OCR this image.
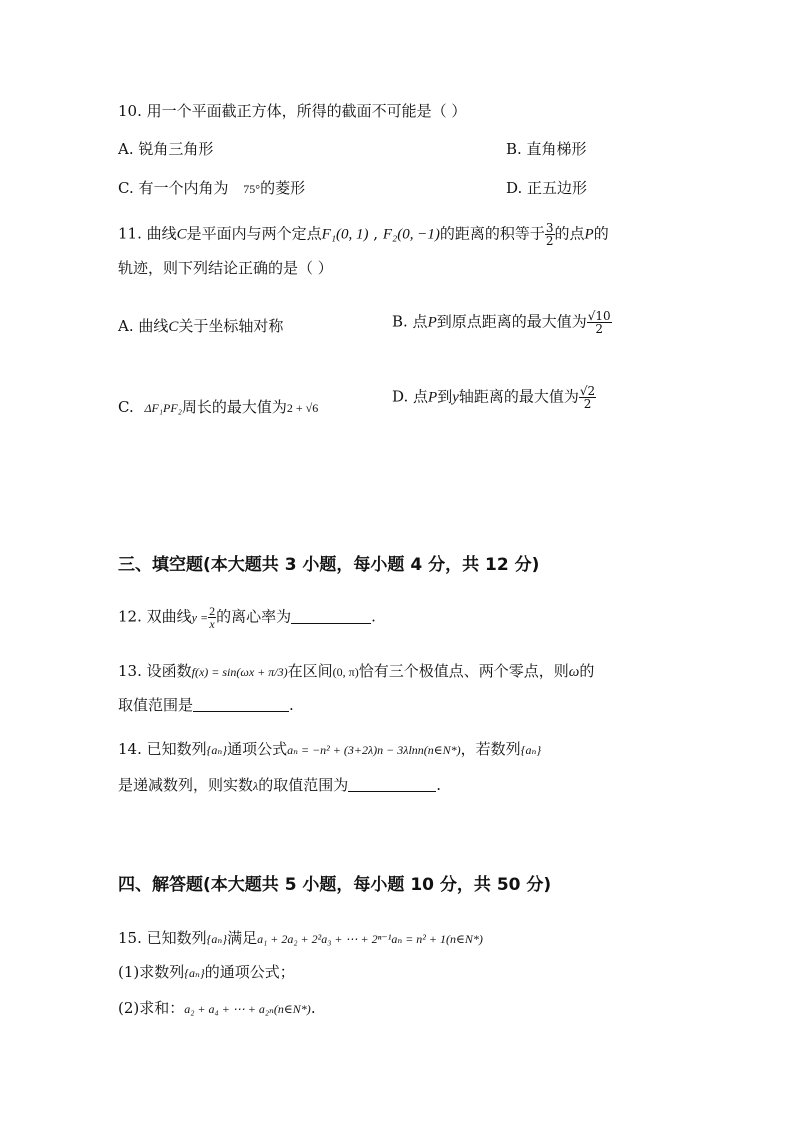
10. 用一个平面截正方体，所得的截面不可能是（ ）
A. 锐角三角形	B. 直角梯形
C. 有一个内角为 75°的菱形	D. 正五边形
11. 曲线C是平面内与两个定点F₁(0, 1) , F₂(0, −1)的距离的积等于 $\frac{3}{2}$ 的点P的
轨迹，则下列结论正确的是（ ）
A. 曲线C关于坐标轴对称	B. 点P到原点距离的最大值为 $\frac{√10}{2}$
C. ΔF₁PF₂周长的最大值为2 + √6
D. 点P到y轴距离的最大值为 $\frac{√2}{2}$
三、填空题(本大题共 3 小题，每小题 4 分，共 12 分)
12. 双曲线$y = \frac{2}{x}$ 的离心率为	.
13. 设函数f(x) = sin(ωx + π/3)在区间(0, π)恰有三个极值点、两个零点，则ω的
取值范围是	.
14. 已知数列{aₙ}通项公式aₙ = −n² + (3+2λ)n − 3λlnn(n∈N*)，若数列{aₙ}
是递减数列，则实数λ的取值范围为	.
四、解答题(本大题共 5 小题，每小题 10 分，共 50 分)
15. 已知数列{aₙ}满足a₁ + 2a₂ + 2²a₃ + ⋯ + 2ⁿ⁻¹aₙ = n² + 1(n∈N*)
(1)求数列{aₙ}的通项公式；
(2)求和：a₂ + a₄ + ⋯ + a₂ₙ(n∈N*).
